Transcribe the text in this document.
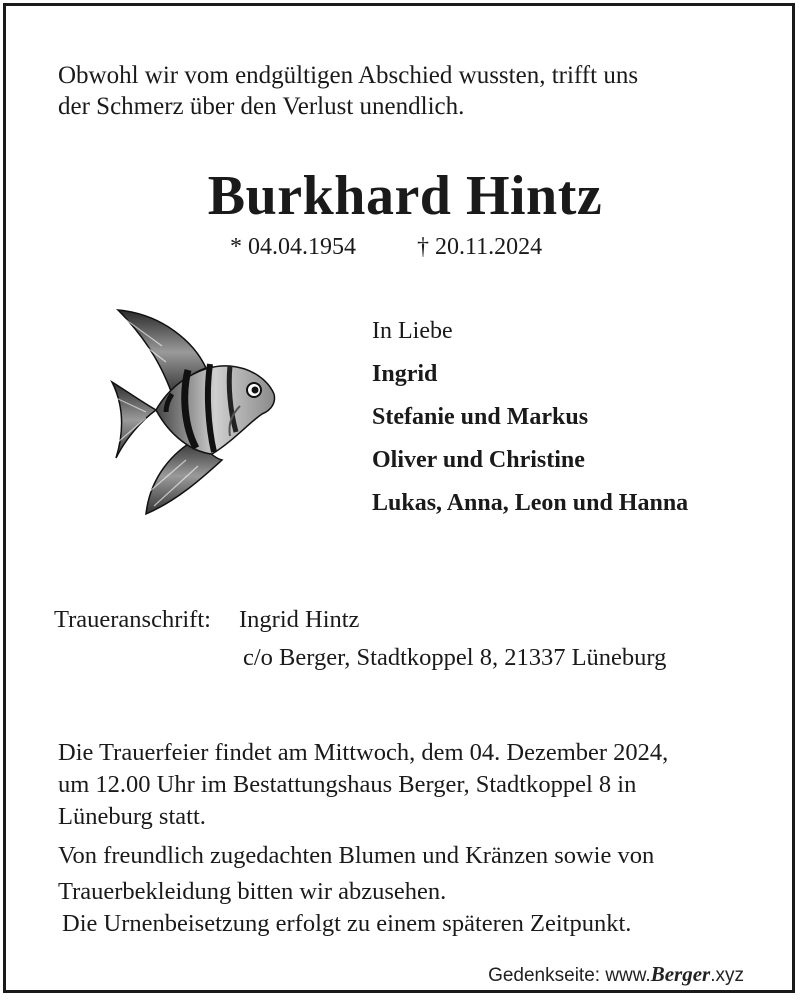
Obwohl wir vom endgültigen Abschied wussten, trifft uns
der Schmerz über den Verlust unendlich.

Burkhard Hintz
* 04.04.1954	† 20.11.2024
In Liebe
Ingrid
Stefanie und Markus
Oliver und Christine
Lukas, Anna, Leon und Hanna
Traueranschrift: Ingrid Hintz
c/o Berger, Stadtkoppel 8, 21337 Lüneburg

Die Trauerfeier findet am Mittwoch, dem 04. Dezember 2024,
um 12.00 Uhr im Bestattungshaus Berger, Stadtkoppel 8 in
Lüneburg statt.

Von freundlich zugedachten Blumen und Kränzen sowie von
Trauerbekleidung bitten wir abzusehen.

Die Urnenbeisetzung erfolgt zu einem späteren Zeitpunkt.
Gedenkseite: www.Berger.xyz
